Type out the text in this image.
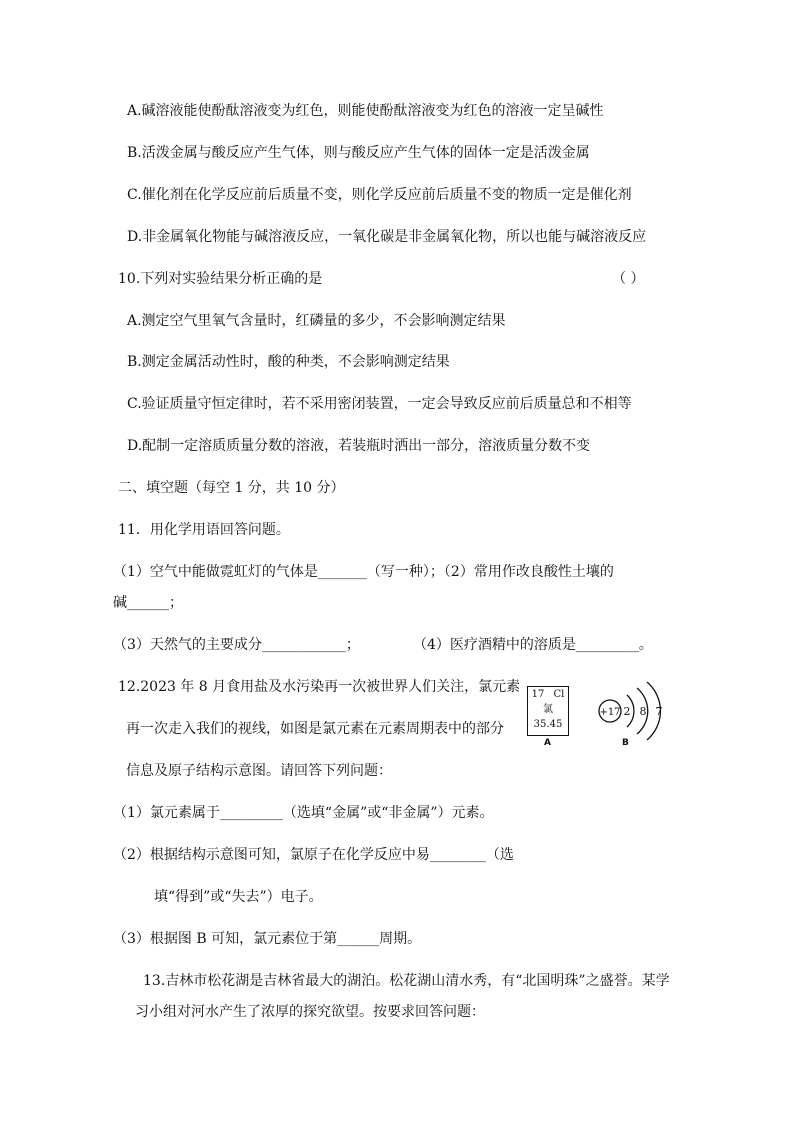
A.碱溶液能使酚酞溶液变为红色，则能使酚酞溶液变为红色的溶液一定呈碱性
B.活泼金属与酸反应产生气体，则与酸反应产生气体的固体一定是活泼金属
C.催化剂在化学反应前后质量不变，则化学反应前后质量不变的物质一定是催化剂
D.非金属氧化物能与碱溶液反应，一氧化碳是非金属氧化物，所以也能与碱溶液反应
10.下列对实验结果分析正确的是	（ ）
A.测定空气里氧气含量时，红磷量的多少，不会影响测定结果
B.测定金属活动性时，酸的种类，不会影响测定结果
C.验证质量守恒定律时，若不采用密闭装置，一定会导致反应前后质量总和不相等
D.配制一定溶质质量分数的溶液，若装瓶时洒出一部分，溶液质量分数不变
二、填空题（每空 1 分，共 10 分）
11．用化学用语回答问题。
（1）空气中能做霓虹灯的气体是_______（写一种）；（2）常用作改良酸性土壤的
碱______；
（3）天然气的主要成分____________；	（4）医疗酒精中的溶质是_________。
12.2023 年 8 月食用盐及水污染再一次被世界人们关注，氯元素
再一次走入我们的视线，如图是氯元素在元素周期表中的部分
信息及原子结构示意图。请回答下列问题：
17 Cl
氯
35.45
A
+17 2 8 7
B
（1）氯元素属于_________（选填“金属”或“非金属”）元素。
（2）根据结构示意图可知，氯原子在化学反应中易________（选
填“得到”或“失去”）电子。
（3）根据图 B 可知，氯元素位于第______周期。
13.吉林市松花湖是吉林省最大的湖泊。松花湖山清水秀，有“北国明珠”之盛誉。某学
习小组对河水产生了浓厚的探究欲望。按要求回答问题：
